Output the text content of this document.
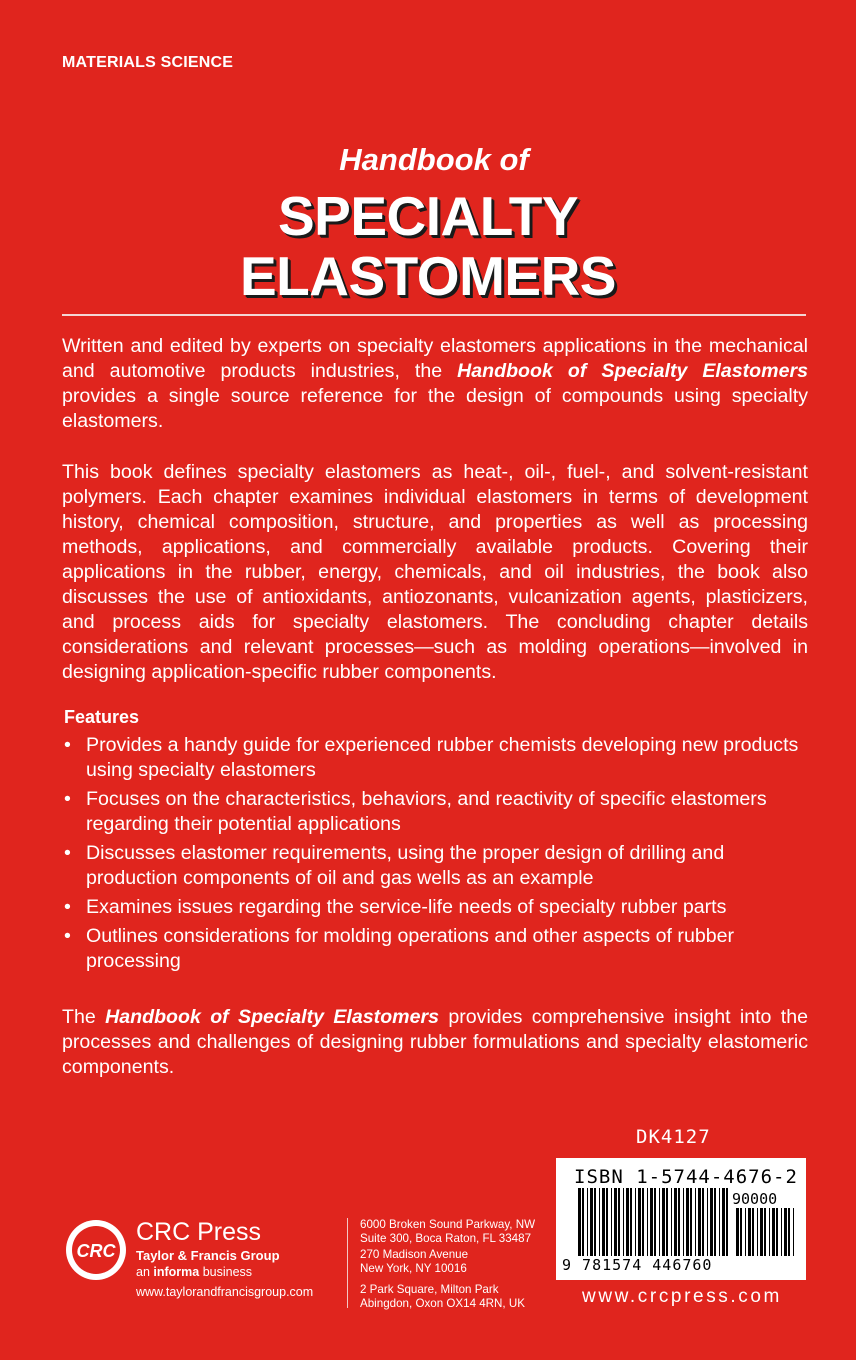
MATERIALS SCIENCE
Handbook of
SPECIALTY
ELASTOMERS
Written and edited by experts on specialty elastomers applications in the mechanical and automotive products industries, the Handbook of Specialty Elastomers provides a single source reference for the design of compounds using specialty elastomers.
This book defines specialty elastomers as heat-, oil-, fuel-, and solvent-resistant polymers. Each chapter examines individual elastomers in terms of development history, chemical composition, structure, and properties as well as processing methods, applications, and commercially available products. Covering their applications in the rubber, energy, chemicals, and oil industries, the book also discusses the use of antioxidants, antiozonants, vulcanization agents, plasticizers, and process aids for specialty elastomers. The concluding chapter details considerations and relevant processes—such as molding operations—involved in designing application-specific rubber components.
Features
• Provides a handy guide for experienced rubber chemists developing new products using specialty elastomers
• Focuses on the characteristics, behaviors, and reactivity of specific elastomers regarding their potential applications
• Discusses elastomer requirements, using the proper design of drilling and production components of oil and gas wells as an example
• Examines issues regarding the service-life needs of specialty rubber parts
• Outlines considerations for molding operations and other aspects of rubber processing
The Handbook of Specialty Elastomers provides comprehensive insight into the processes and challenges of designing rubber formulations and specialty elastomeric components.
DK4127
ISBN 1-5744-4676-2
90000
9 781574 446760
www.crcpress.com
CRC
CRC Press
Taylor & Francis Group
an informa business
www.taylorandfrancisgroup.com
6000 Broken Sound Parkway, NW
Suite 300, Boca Raton, FL 33487
270 Madison Avenue
New York, NY 10016
2 Park Square, Milton Park
Abingdon, Oxon OX14 4RN, UK
